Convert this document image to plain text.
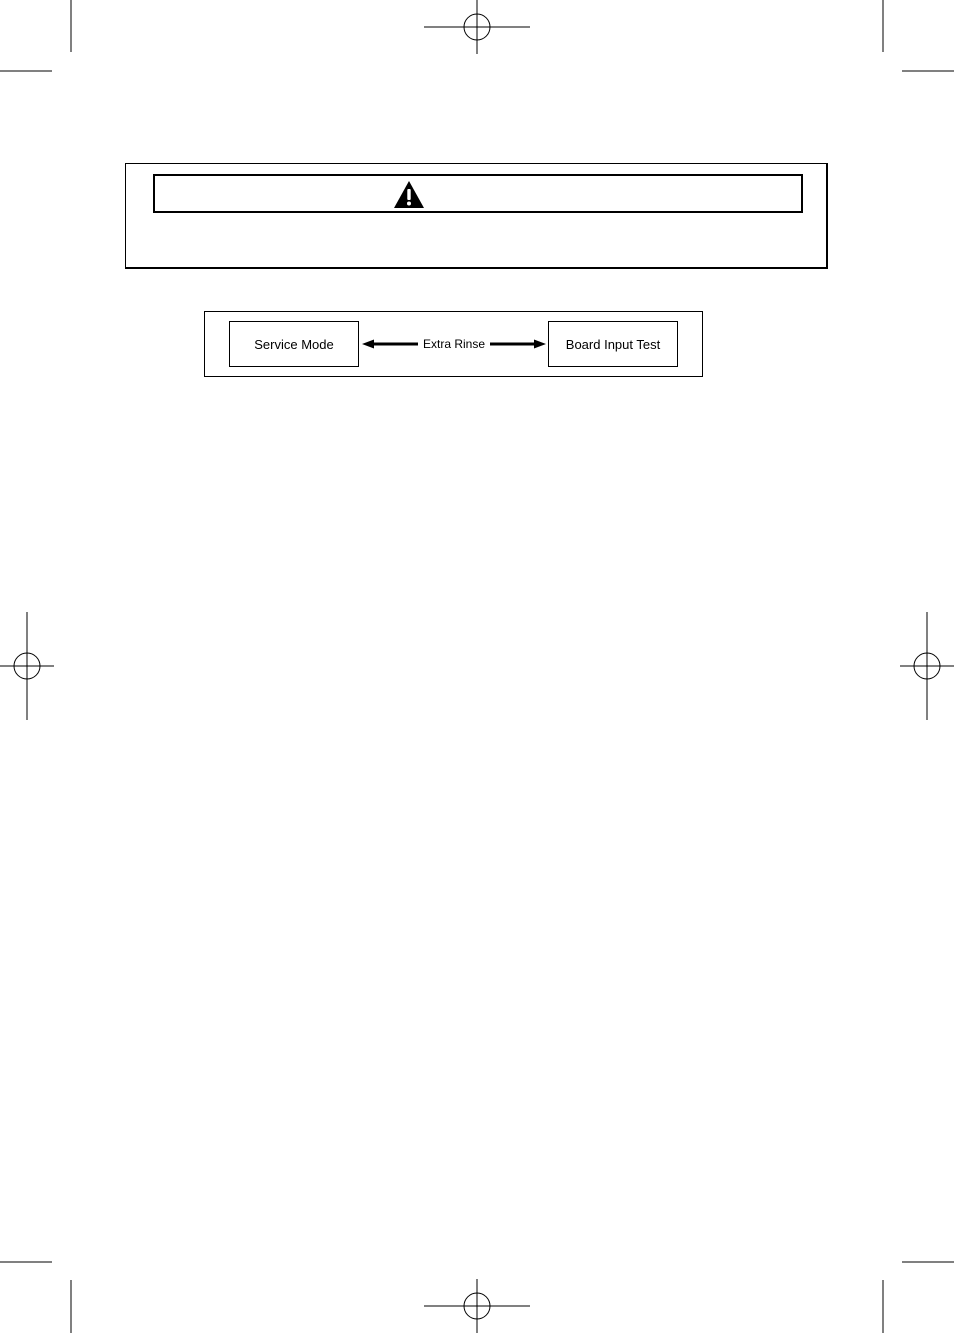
Service Mode	Extra Rinse	Board Input Test
